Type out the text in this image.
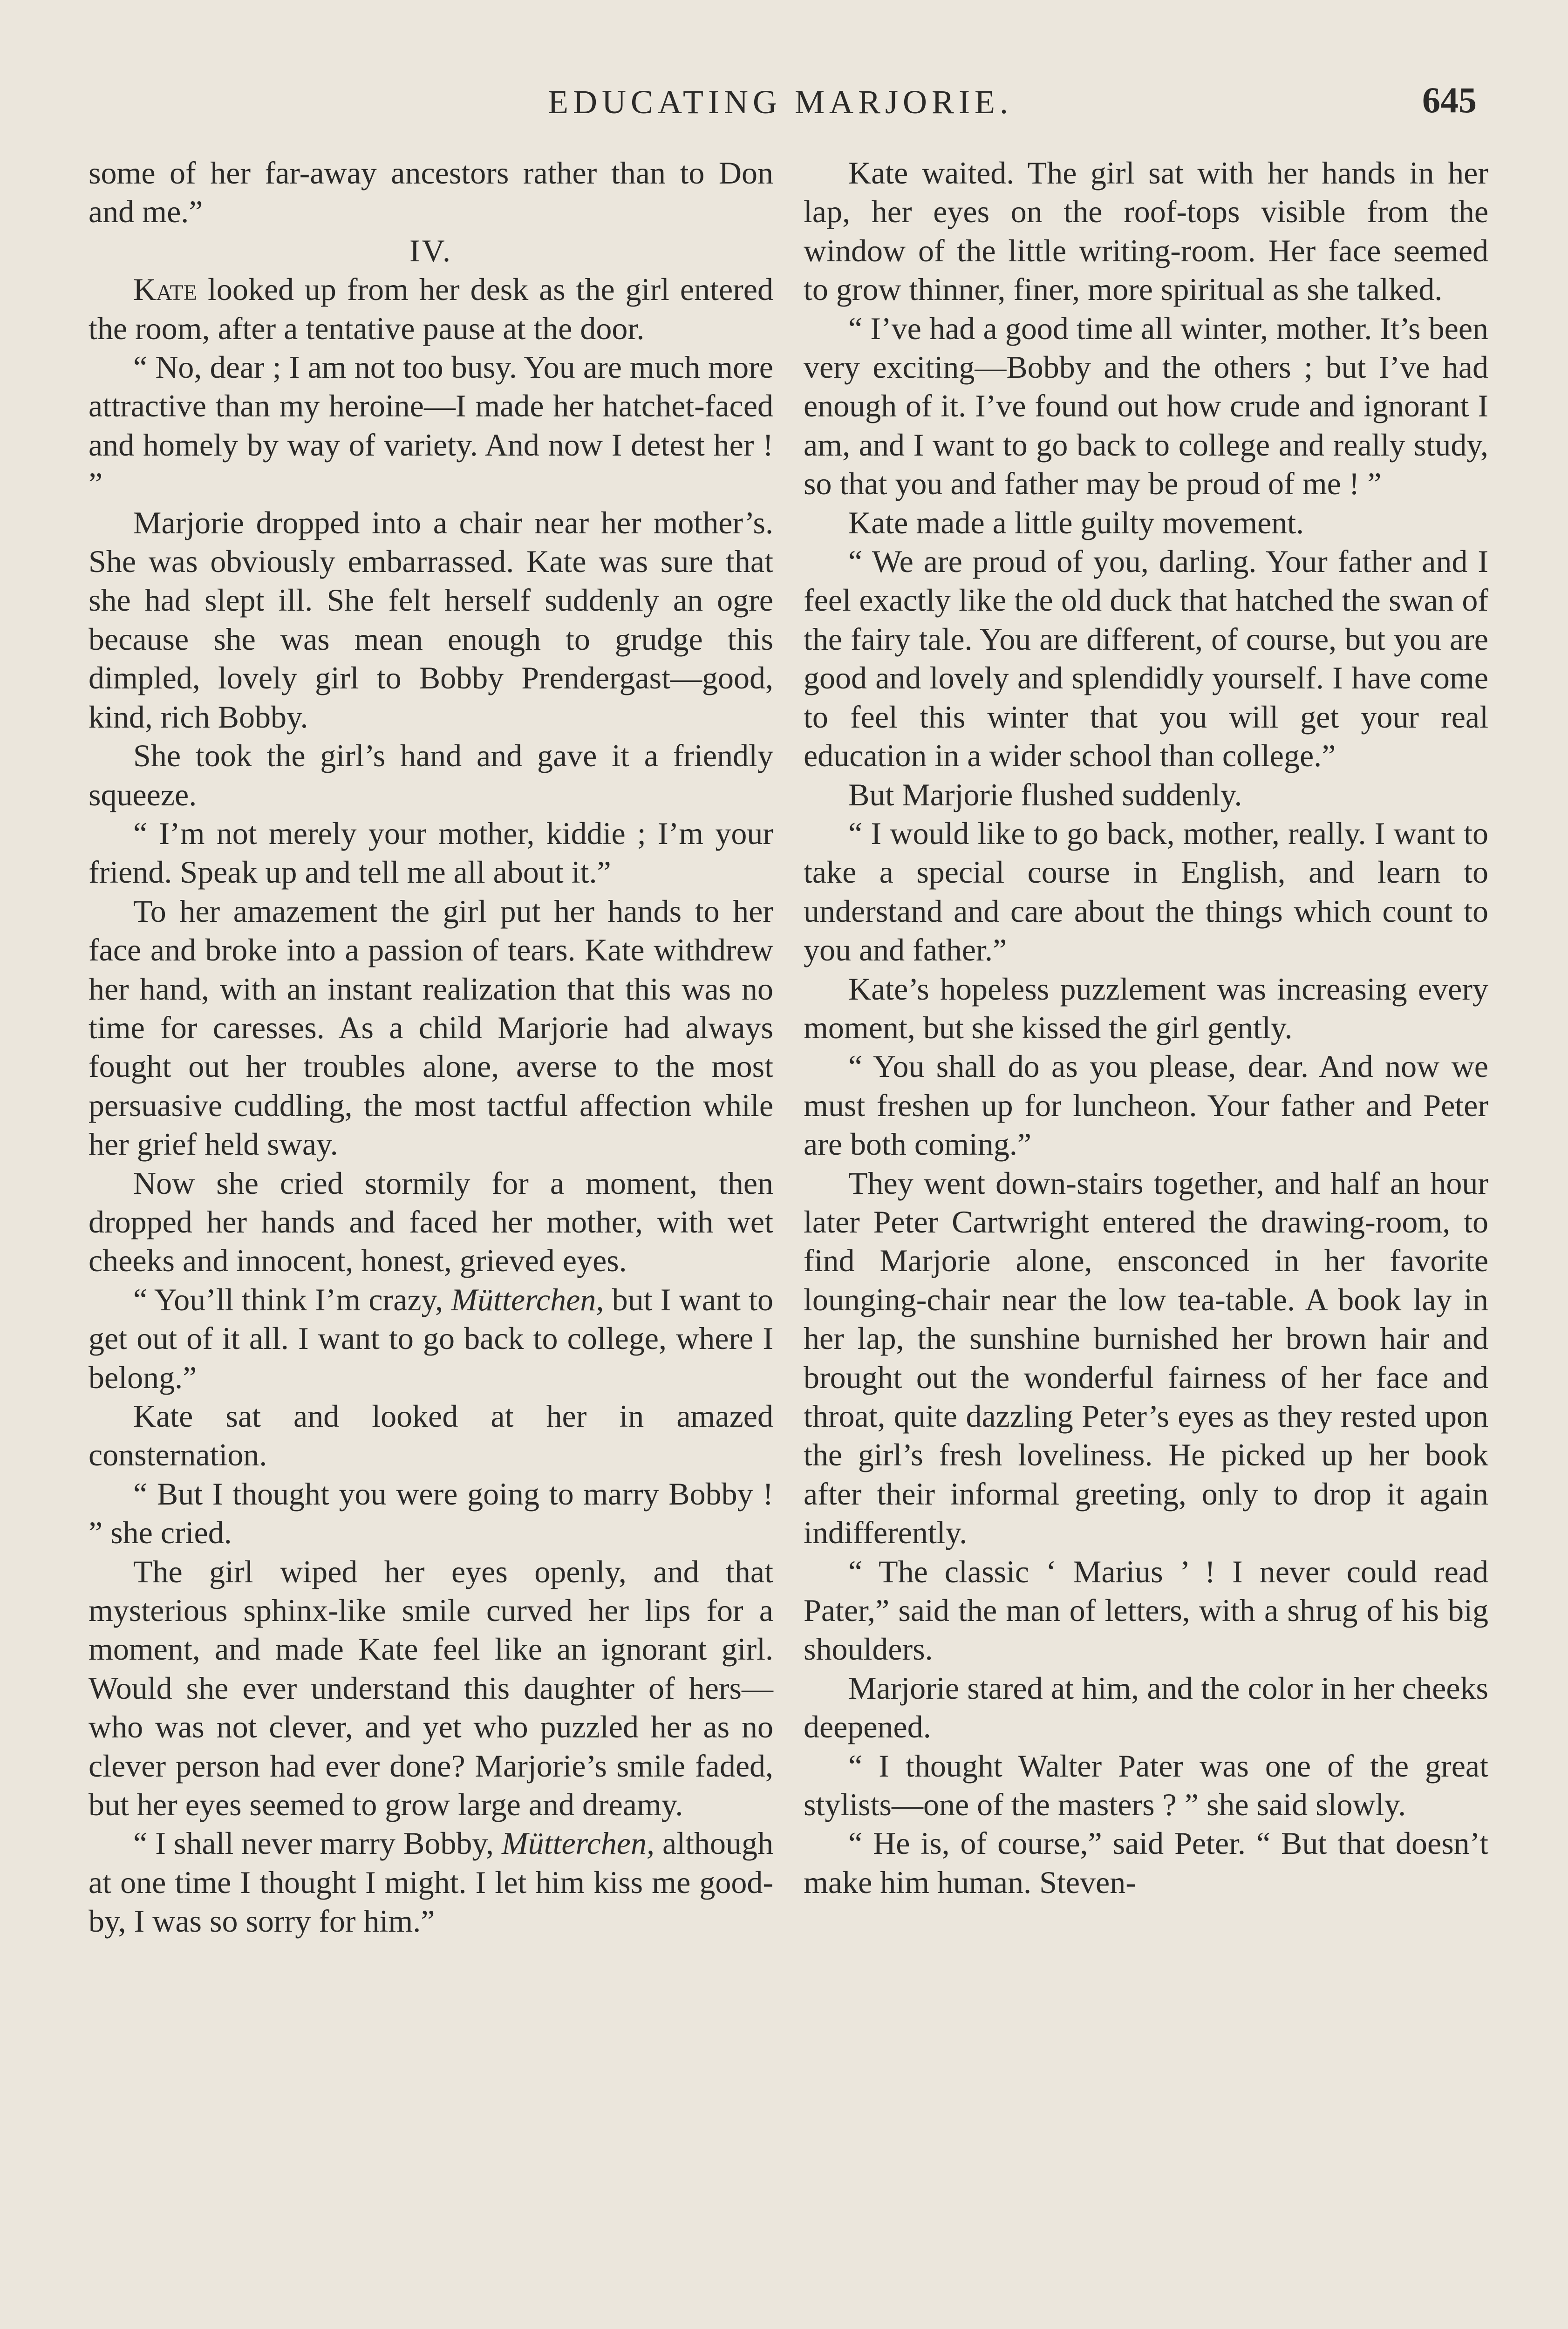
EDUCATING MARJORIE.	645

some of her far-away ancestors rather than to Don and me.”

IV.

Kate looked up from her desk as the girl entered the room, after a tentative pause at the door.

“ No, dear ; I am not too busy. You are much more attractive than my heroine—I made her hatchet-faced and homely by way of variety. And now I detest her ! ”

Marjorie dropped into a chair near her mother’s. She was obviously embarrassed. Kate was sure that she had slept ill. She felt herself suddenly an ogre because she was mean enough to grudge this dimpled, lovely girl to Bobby Prendergast—good, kind, rich Bobby.

She took the girl’s hand and gave it a friendly squeeze.

“ I’m not merely your mother, kiddie ; I’m your friend. Speak up and tell me all about it.”

To her amazement the girl put her hands to her face and broke into a passion of tears. Kate withdrew her hand, with an instant realization that this was no time for caresses. As a child Marjorie had always fought out her troubles alone, averse to the most persuasive cuddling, the most tactful affection while her grief held sway.

Now she cried stormily for a moment, then dropped her hands and faced her mother, with wet cheeks and innocent, honest, grieved eyes.

“ You’ll think I’m crazy, Mütterchen, but I want to get out of it all. I want to go back to college, where I belong.”

Kate sat and looked at her in amazed consternation.

“ But I thought you were going to marry Bobby ! ” she cried.

The girl wiped her eyes openly, and that mysterious sphinx-like smile curved her lips for a moment, and made Kate feel like an ignorant girl. Would she ever understand this daughter of hers—who was not clever, and yet who puzzled her as no clever person had ever done? Marjorie’s smile faded, but her eyes seemed to grow large and dreamy.

“ I shall never marry Bobby, Mütterchen, although at one time I thought I might. I let him kiss me good-by, I was so sorry for him.”

Kate waited. The girl sat with her hands in her lap, her eyes on the roof-tops visible from the window of the little writing-room. Her face seemed to grow thinner, finer, more spiritual as she talked.

“ I’ve had a good time all winter, mother. It’s been very exciting—Bobby and the others ; but I’ve had enough of it. I’ve found out how crude and ignorant I am, and I want to go back to college and really study, so that you and father may be proud of me ! ”

Kate made a little guilty movement.

“ We are proud of you, darling. Your father and I feel exactly like the old duck that hatched the swan of the fairy tale. You are different, of course, but you are good and lovely and splendidly yourself. I have come to feel this winter that you will get your real education in a wider school than college.”

But Marjorie flushed suddenly.

“ I would like to go back, mother, really. I want to take a special course in English, and learn to understand and care about the things which count to you and father.”

Kate’s hopeless puzzlement was increasing every moment, but she kissed the girl gently.

“ You shall do as you please, dear. And now we must freshen up for luncheon. Your father and Peter are both coming.”

They went down-stairs together, and half an hour later Peter Cartwright entered the drawing-room, to find Marjorie alone, ensconced in her favorite lounging-chair near the low tea-table. A book lay in her lap, the sunshine burnished her brown hair and brought out the wonderful fairness of her face and throat, quite dazzling Peter’s eyes as they rested upon the girl’s fresh loveliness. He picked up her book after their informal greeting, only to drop it again indifferently.

“ The classic ‘ Marius ’ ! I never could read Pater,” said the man of letters, with a shrug of his big shoulders.

Marjorie stared at him, and the color in her cheeks deepened.

“ I thought Walter Pater was one of the great stylists—one of the masters ? ” she said slowly.

“ He is, of course,” said Peter. “ But that doesn’t make him human. Steven-
